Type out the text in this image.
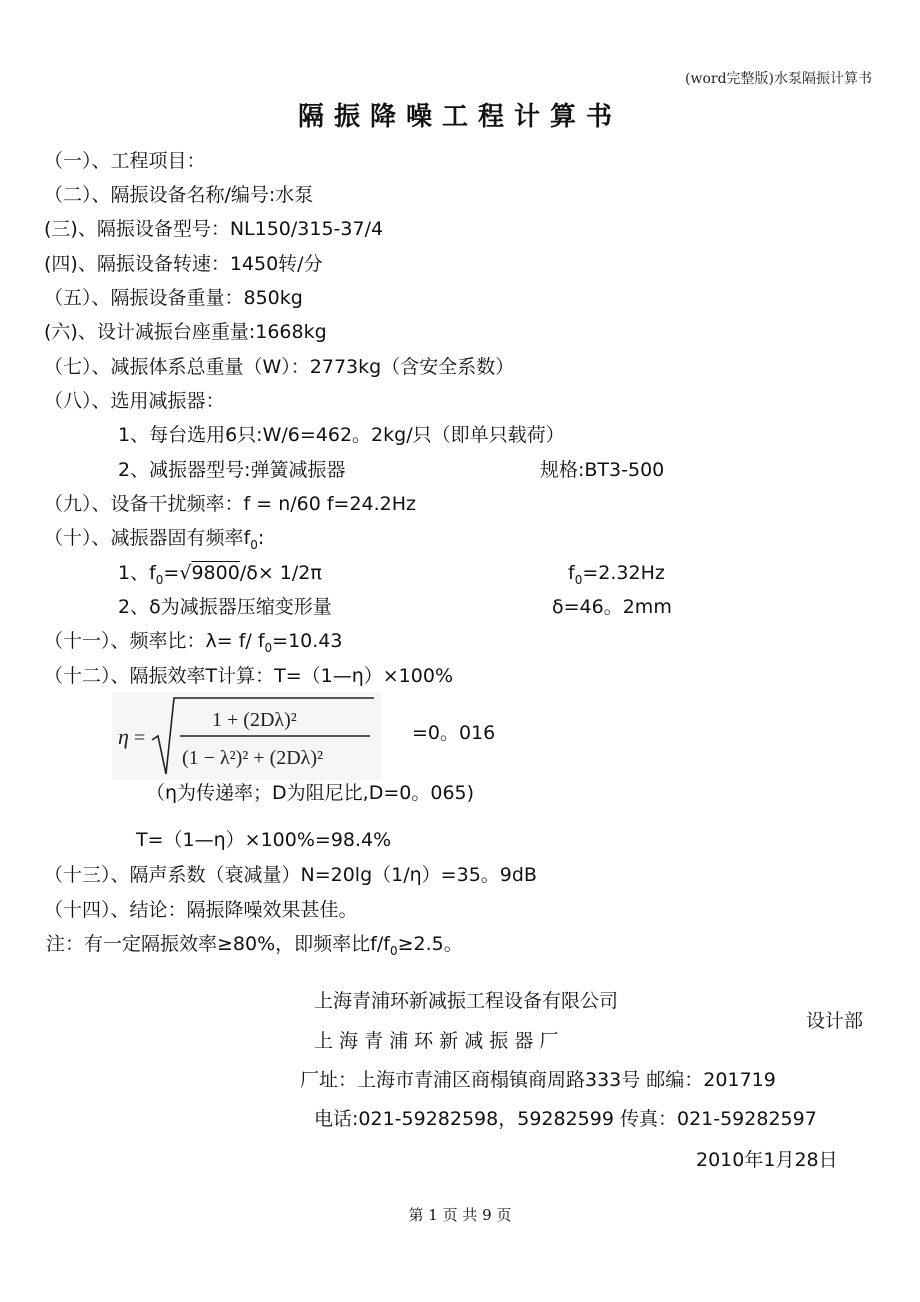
(word完整版)水泵隔振计算书
隔振降噪工程计算书
（一）、工程项目：
（二）、隔振设备名称/编号:水泵
(三)、隔振设备型号：NL150/315-37/4
(四)、隔振设备转速：1450转/分
（五）、隔振设备重量：850kg
(六)、设计减振台座重量:1668kg
（七）、减振体系总重量（W）：2773kg（含安全系数）
（八）、选用减振器：
1、每台选用6只:W/6=462。2kg/只（即单只载荷）
2、减振器型号:弹簧减振器	规格:BT3-500
（九）、设备干扰频率：f = n/60 f=24.2Hz
（十）、减振器固有频率$f_0$:
1、$f_0=√9800/\delta\times 1/2\pi$	$f_0=2.32Hz$
2、δ为减振器压缩变形量	δ=46。2mm
（十一）、频率比：λ= f/ $f_0=10.43$
（十二）、隔振效率T计算：T=（1—η）×100%
η =
1 + (2Dλ)²
(1 − λ²)² + (2Dλ)²
=0。016
（η为传递率；D为阻尼比,D=0。065)
T=（1—η）×100%=98.4%
（十三）、隔声系数（衰减量）N=20lg（1/η）=35。9dB
（十四）、结论：隔振降噪效果甚佳。
注：有一定隔振效率≥80%，即频率比$f/f_0\ge 2.5$。
上海青浦环新减振工程设备有限公司
设计部
上 海 青 浦 环 新 减 振 器 厂
厂址：上海市青浦区商榻镇商周路333号 邮编：201719
电话:021-59282598，59282599 传真：021-59282597
2010年1月28日
第 1 页 共 9 页
